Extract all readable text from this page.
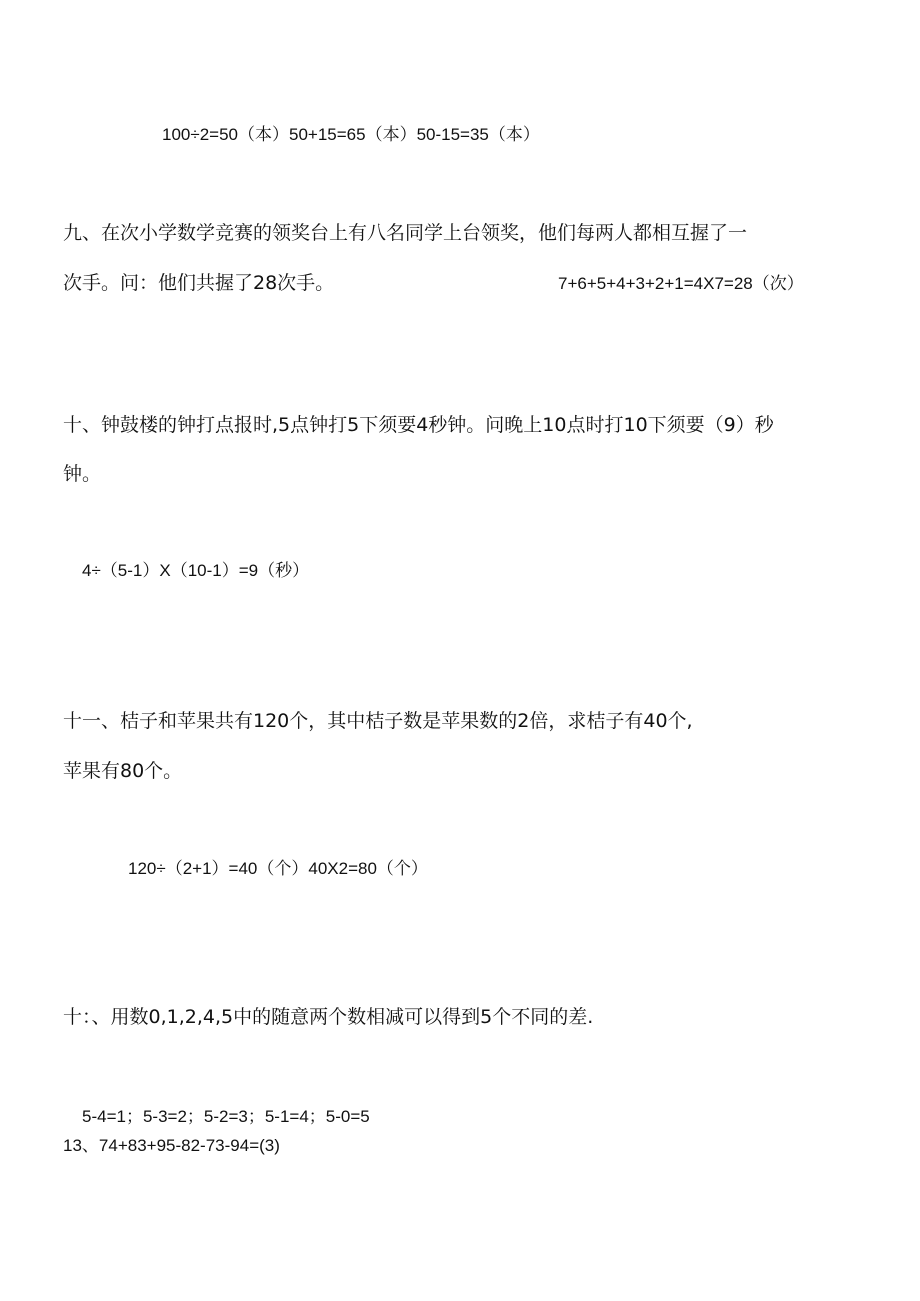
100÷2=50（本）50+15=65（本）50-15=35（本）
九、在次小学数学竞赛的领奖台上有八名同学上台领奖，他们每两人都相互握了一
次手。问：他们共握了28次手。	7+6+5+4+3+2+1=4X7=28（次）
十、钟鼓楼的钟打点报时,5点钟打5下须要4秒钟。问晚上10点时打10下须要（9）秒
钟。
4÷（5-1）X（10-1）=9（秒）
十一、桔子和苹果共有120个，其中桔子数是苹果数的2倍，求桔子有40个,
苹果有80个。
120÷（2+1）=40（个）40X2=80（个）
十：、用数0,1,2,4,5中的随意两个数相减可以得到5个不同的差.
5-4=1；5-3=2；5-2=3；5-1=4；5-0=5
13、74+83+95-82-73-94=(3)
